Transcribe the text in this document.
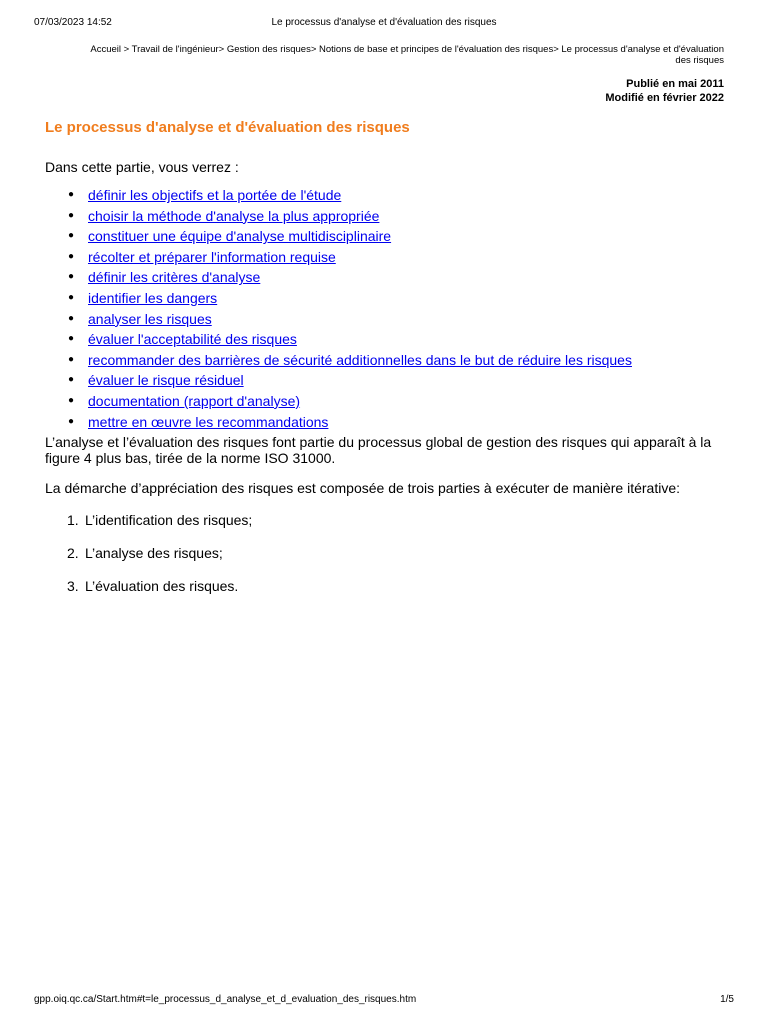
07/03/2023 14:52	Le processus d'analyse et d'évaluation des risques
Accueil > Travail de l'ingénieur> Gestion des risques> Notions de base et principes de l'évaluation des risques> Le processus d'analyse et d'évaluation des risques
Publié en mai 2011
Modifié en février 2022
Le processus d'analyse et d'évaluation des risques

Dans cette partie, vous verrez :

● définir les objectifs et la portée de l'étude
● choisir la méthode d'analyse la plus appropriée
● constituer une équipe d'analyse multidisciplinaire
● récolter et préparer l'information requise
● définir les critères d'analyse
● identifier les dangers
● analyser les risques
● évaluer l'acceptabilité des risques
● recommander des barrières de sécurité additionnelles dans le but de réduire les risques
● évaluer le risque résiduel
● documentation (rapport d'analyse)
● mettre en œuvre les recommandations

L’analyse et l’évaluation des risques font partie du processus global de gestion des risques qui apparaît à la figure 4 plus bas, tirée de la norme ISO 31000.

La démarche d’appréciation des risques est composée de trois parties à exécuter de manière itérative:

1. L’identification des risques;
2. L’analyse des risques;
3. L’évaluation des risques.
gpp.oiq.qc.ca/Start.htm#t=le_processus_d_analyse_et_d_evaluation_des_risques.htm	1/5
